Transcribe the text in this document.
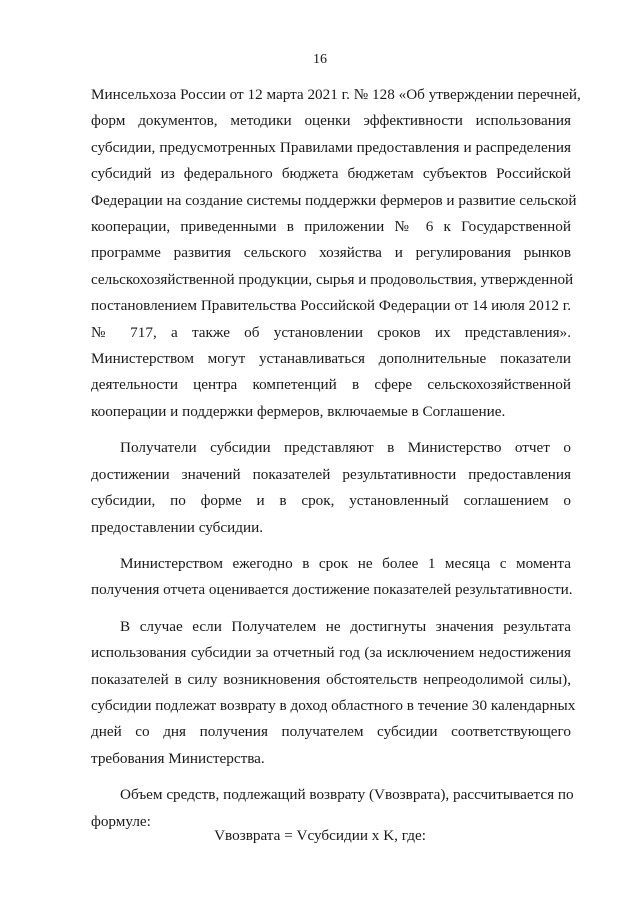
16

Минсельхоза России от 12 марта 2021 г. № 128 «Об утверждении перечней,
форм документов, методики оценки эффективности использования
субсидии, предусмотренных Правилами предоставления и распределения
субсидий из федерального бюджета бюджетам субъектов Российской
Федерации на создание системы поддержки фермеров и развитие сельской
кооперации, приведенными в приложении № 6 к Государственной
программе развития сельского хозяйства и регулирования рынков
сельскохозяйственной продукции, сырья и продовольствия, утвержденной
постановлением Правительства Российской Федерации от 14 июля 2012 г.
№ 717, а также об установлении сроков их представления».
Министерством могут устанавливаться дополнительные показатели
деятельности центра компетенций в сфере сельскохозяйственной
кооперации и поддержки фермеров, включаемые в Соглашение.

Получатели субсидии представляют в Министерство отчет о
достижении значений показателей результативности предоставления
субсидии, по форме и в срок, установленный соглашением о
предоставлении субсидии.

Министерством ежегодно в срок не более 1 месяца с момента
получения отчета оценивается достижение показателей результативности.

В случае если Получателем не достигнуты значения результата
использования субсидии за отчетный год (за исключением недостижения
показателей в силу возникновения обстоятельств непреодолимой силы),
субсидии подлежат возврату в доход областного в течение 30 календарных
дней со дня получения получателем субсидии соответствующего
требования Министерства.

Объем средств, подлежащий возврату (Vвозврата), рассчитывается по
формуле:

Vвозврата = Vсубсидии x K, где:
